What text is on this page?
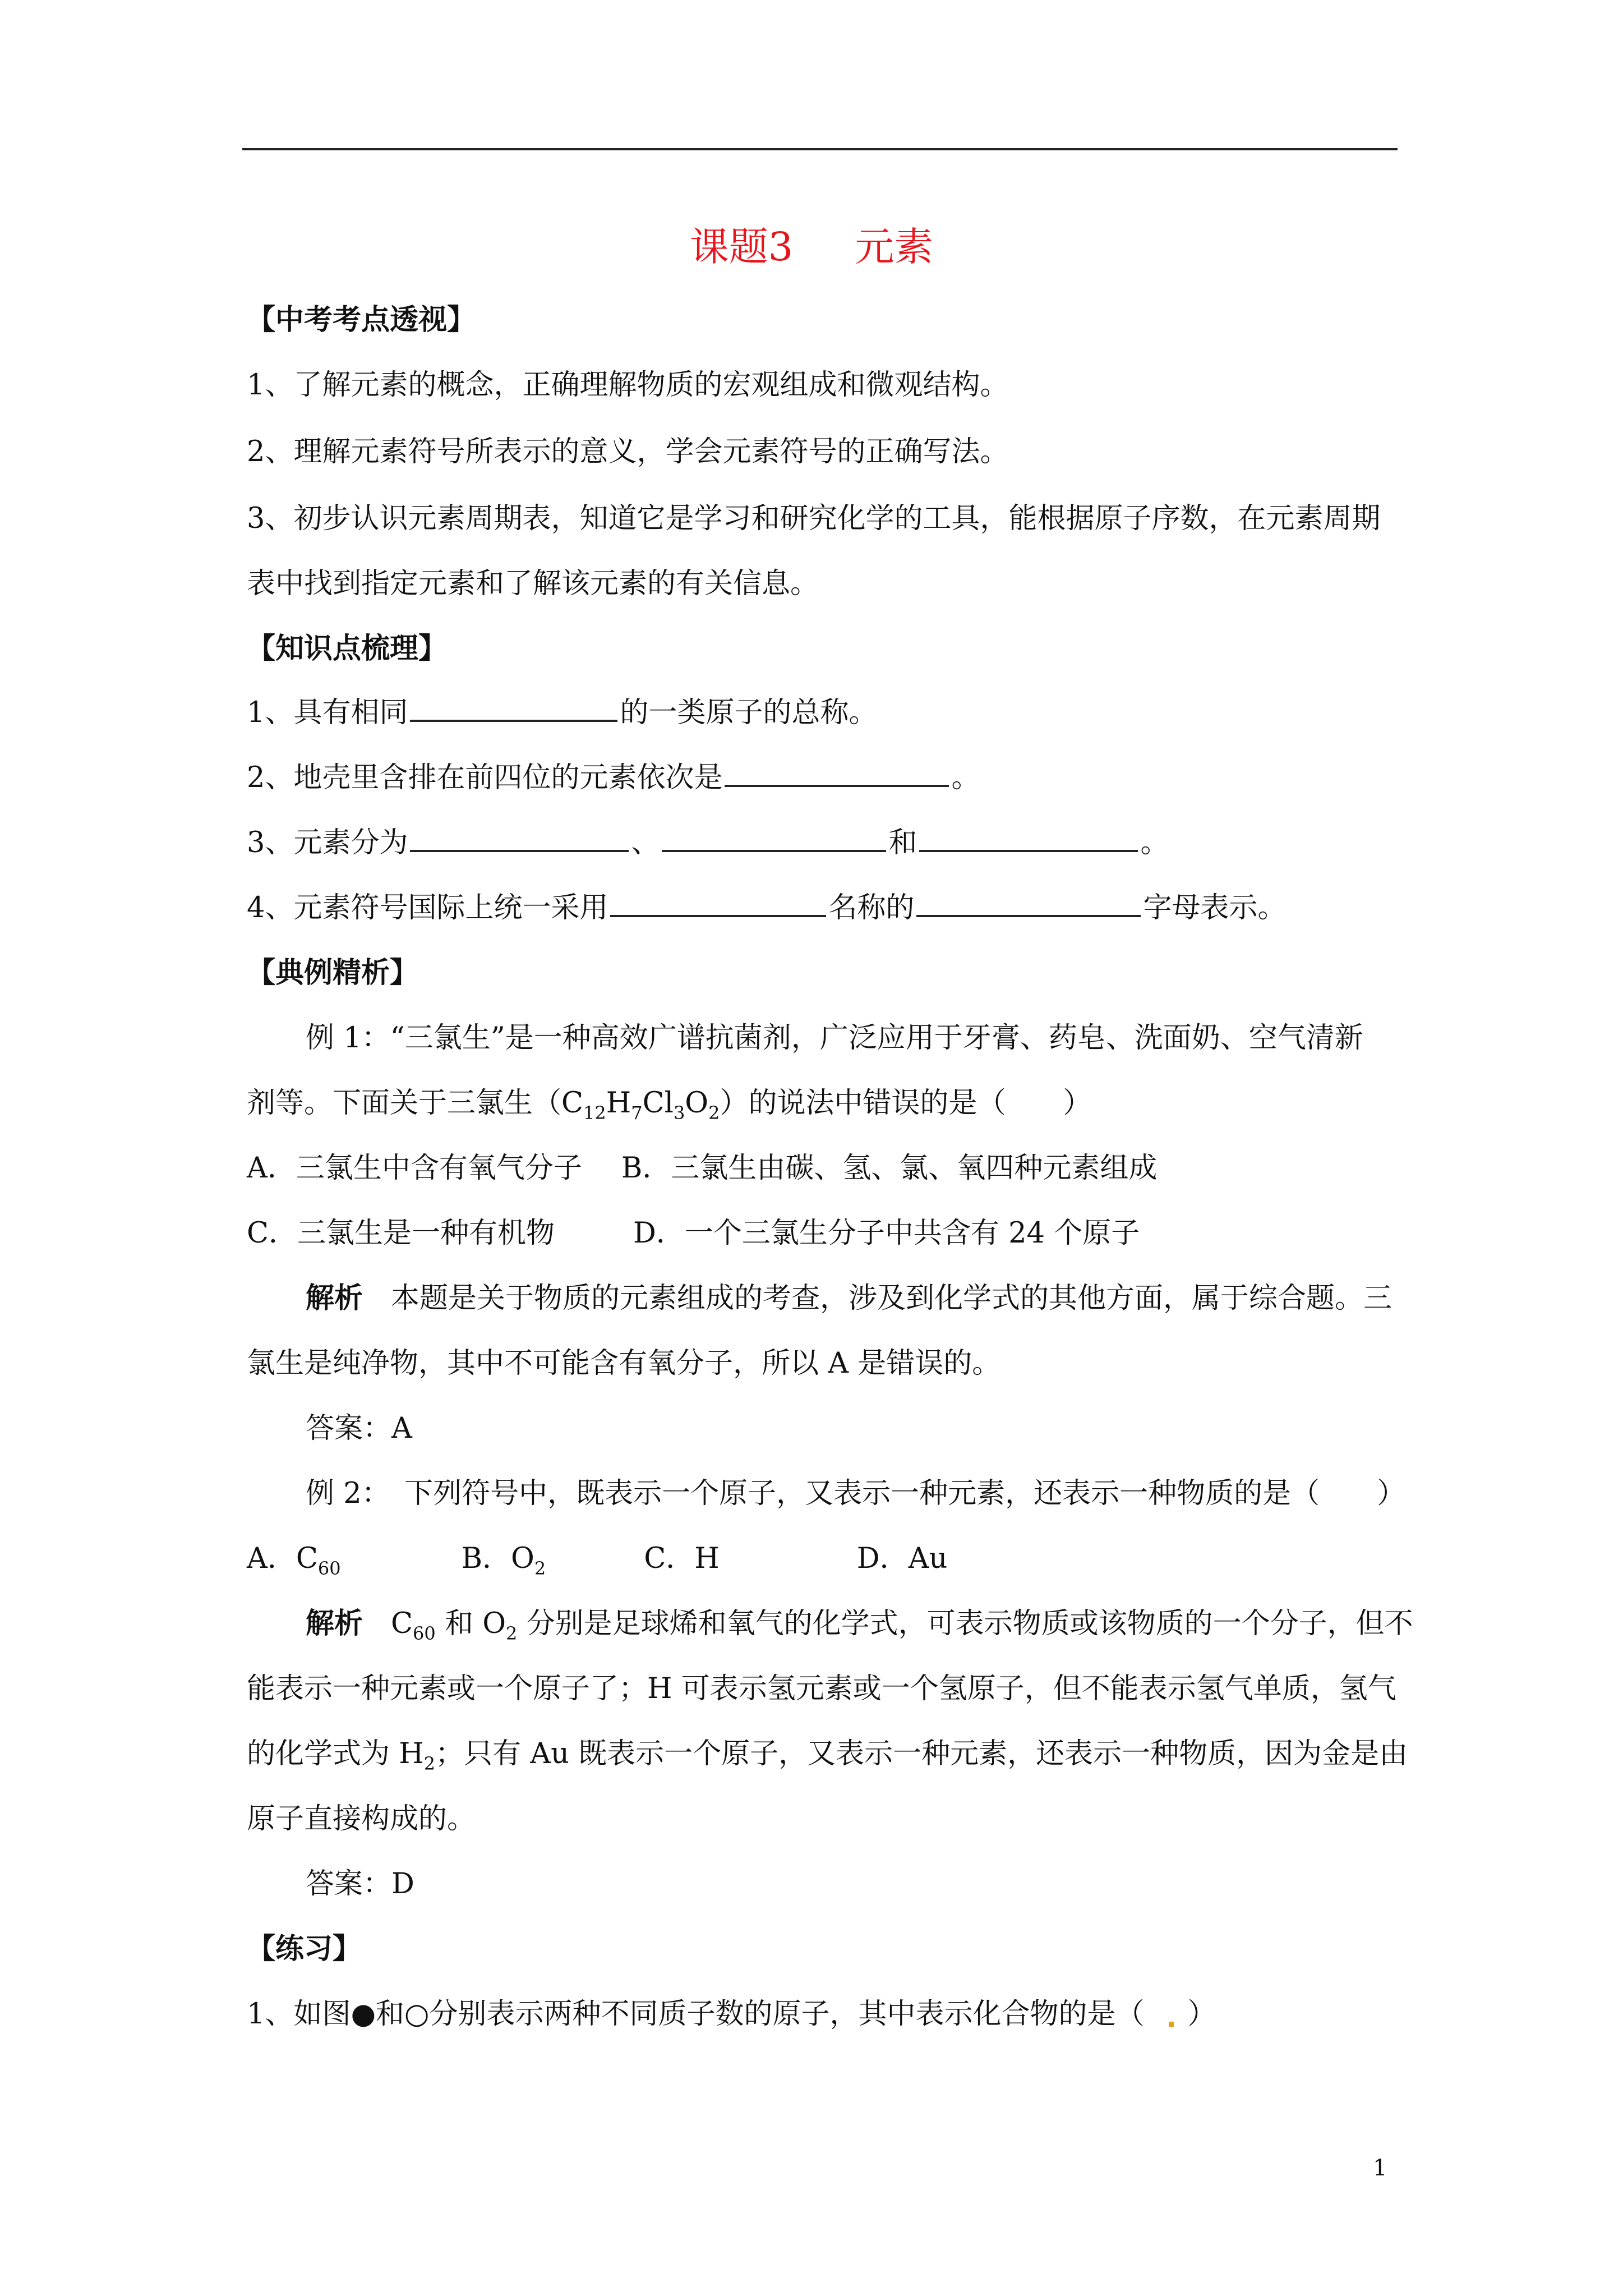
课题3 元素
【中考考点透视】
1、了解元素的概念，正确理解物质的宏观组成和微观结构。
2、理解元素符号所表示的意义，学会元素符号的正确写法。
3、初步认识元素周期表，知道它是学习和研究化学的工具，能根据原子序数，在元素周期
表中找到指定元素和了解该元素的有关信息。
【知识点梳理】
1、具有相同	的一类原子的总称。
2、地壳里含排在前四位的元素依次是	。
3、元素分为	、	和	。
4、元素符号国际上统一采用	名称的	字母表示。
【典例精析】
例 1：“三氯生”是一种高效广谱抗菌剂，广泛应用于牙膏、药皂、洗面奶、空气清新
剂等。下面关于三氯生$(C_{12}H_7Cl_3O_2)$的说法中错误的是（　　）
A．三氯生中含有氧气分子 B．三氯生由碳、氢、氯、氧四种元素组成
C．三氯生是一种有机物	D．一个三氯生分子中共含有 24 个原子
解析 本题是关于物质的元素组成的考查，涉及到化学式的其他方面，属于综合题。三
氯生是纯净物，其中不可能含有氧分子，所以 A 是错误的。
答案：A
例 2：　下列符号中，既表示一个原子，又表示一种元素，还表示一种物质的是（　　）
A．$C_{60}$	B．$O_2$	C．H	D．Au
解析 $C_{60}$ 和 $O_2$ 分别是足球烯和氧气的化学式，可表示物质或该物质的一个分子，但不
能表示一种元素或一个原子了；H 可表示氢元素或一个氢原子，但不能表示氢气单质，氢气
的化学式为 $H_2$；只有 Au 既表示一个原子，又表示一种元素，还表示一种物质，因为金是由
原子直接构成的。
答案：D
【练习】
1、如图●和○分别表示两种不同质子数的原子，其中表示化合物的是（ ）
1
